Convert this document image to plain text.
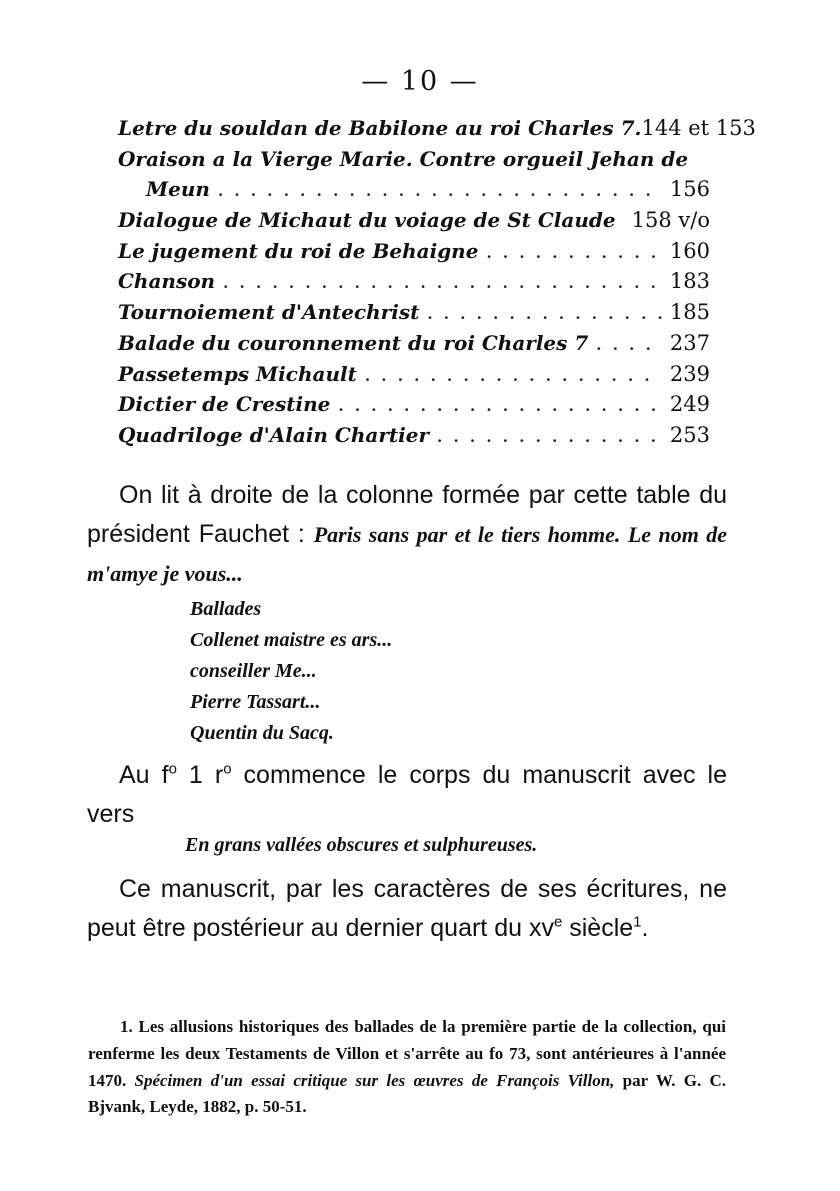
— 10 —
Letre du souldan de Babilone au roi Charles 7. 144 et 153
Oraison a la Vierge Marie. Contre orgueil Jehan de
Meun . . .	156
Dialogue de Michaut du voiage de St Claude . . . 158 v/o
Le jugement du roi de Behaigne . . .	160
Chanson . . .	183
Tournoiement d'Antechrist . . .	185
Balade du couronnement du roi Charles 7 . . .	237
Passetemps Michault . . .	239
Dictier de Crestine . . .	249
Quadriloge d'Alain Chartier . . .	253

On lit à droite de la colonne formée par cette table du président Fauchet : Paris sans par et le tiers homme. Le nom de m'amye je vous...

Ballades
Collenet maistre es ars...
conseiller Me...
Pierre Tassart...
Quentin du Sacq.

Au $f^o$ 1 $r^o$ commence le corps du manuscrit avec le vers

En grans vallées obscures et sulphureuses.

Ce manuscrit, par les caractères de ses écritures, ne peut être postérieur au dernier quart du $xv^e$ siècle$^1$.

1. Les allusions historiques des ballades de la première partie de la collection, qui renferme les deux Testaments de Villon et s'arrête au fo 73, sont antérieures à l'année 1470. Spécimen d'un essai critique sur les œuvres de François Villon, par W. G. C. Bjvank, Leyde, 1882, p. 50-51.
